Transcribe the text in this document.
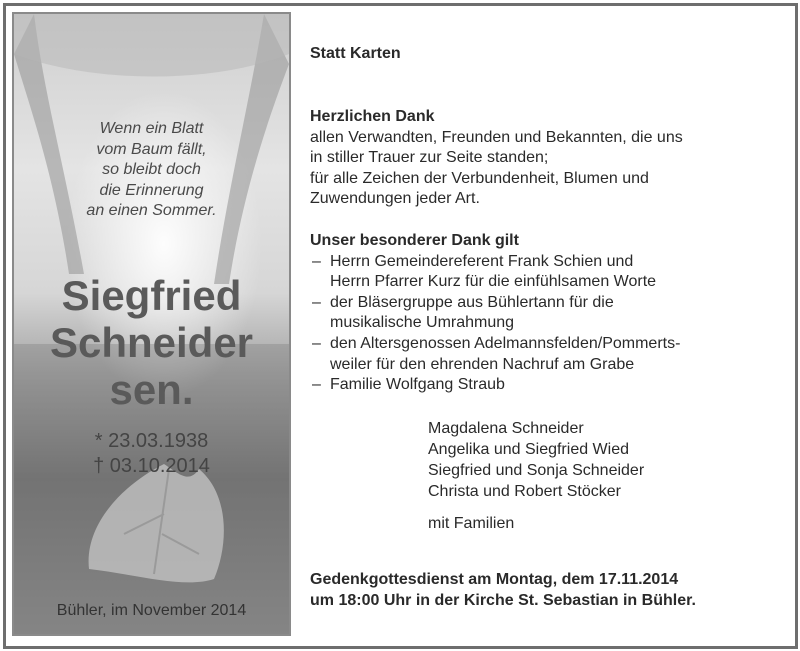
Wenn ein Blatt
vom Baum fällt,
so bleibt doch
die Erinnerung
an einen Sommer.
Siegfried
Schneider
sen.
* 23.03.1938
† 03.10.2014
Bühler, im November 2014
Statt Karten
Herzlichen Dank
allen Verwandten, Freunden und Bekannten, die uns
in stiller Trauer zur Seite standen;
für alle Zeichen der Verbundenheit, Blumen und
Zuwendungen jeder Art.
Unser besonderer Dank gilt
– Herrn Gemeindereferent Frank Schien und
Herrn Pfarrer Kurz für die einfühlsamen Worte
– der Bläsergruppe aus Bühlertann für die
musikalische Umrahmung
– den Altersgenossen Adelmannsfelden/Pommerts-
weiler für den ehrenden Nachruf am Grabe
– Familie Wolfgang Straub
Magdalena Schneider
Angelika und Siegfried Wied
Siegfried und Sonja Schneider
Christa und Robert Stöcker
mit Familien
Gedenkgottesdienst am Montag, dem 17.11.2014
um 18:00 Uhr in der Kirche St. Sebastian in Bühler.
